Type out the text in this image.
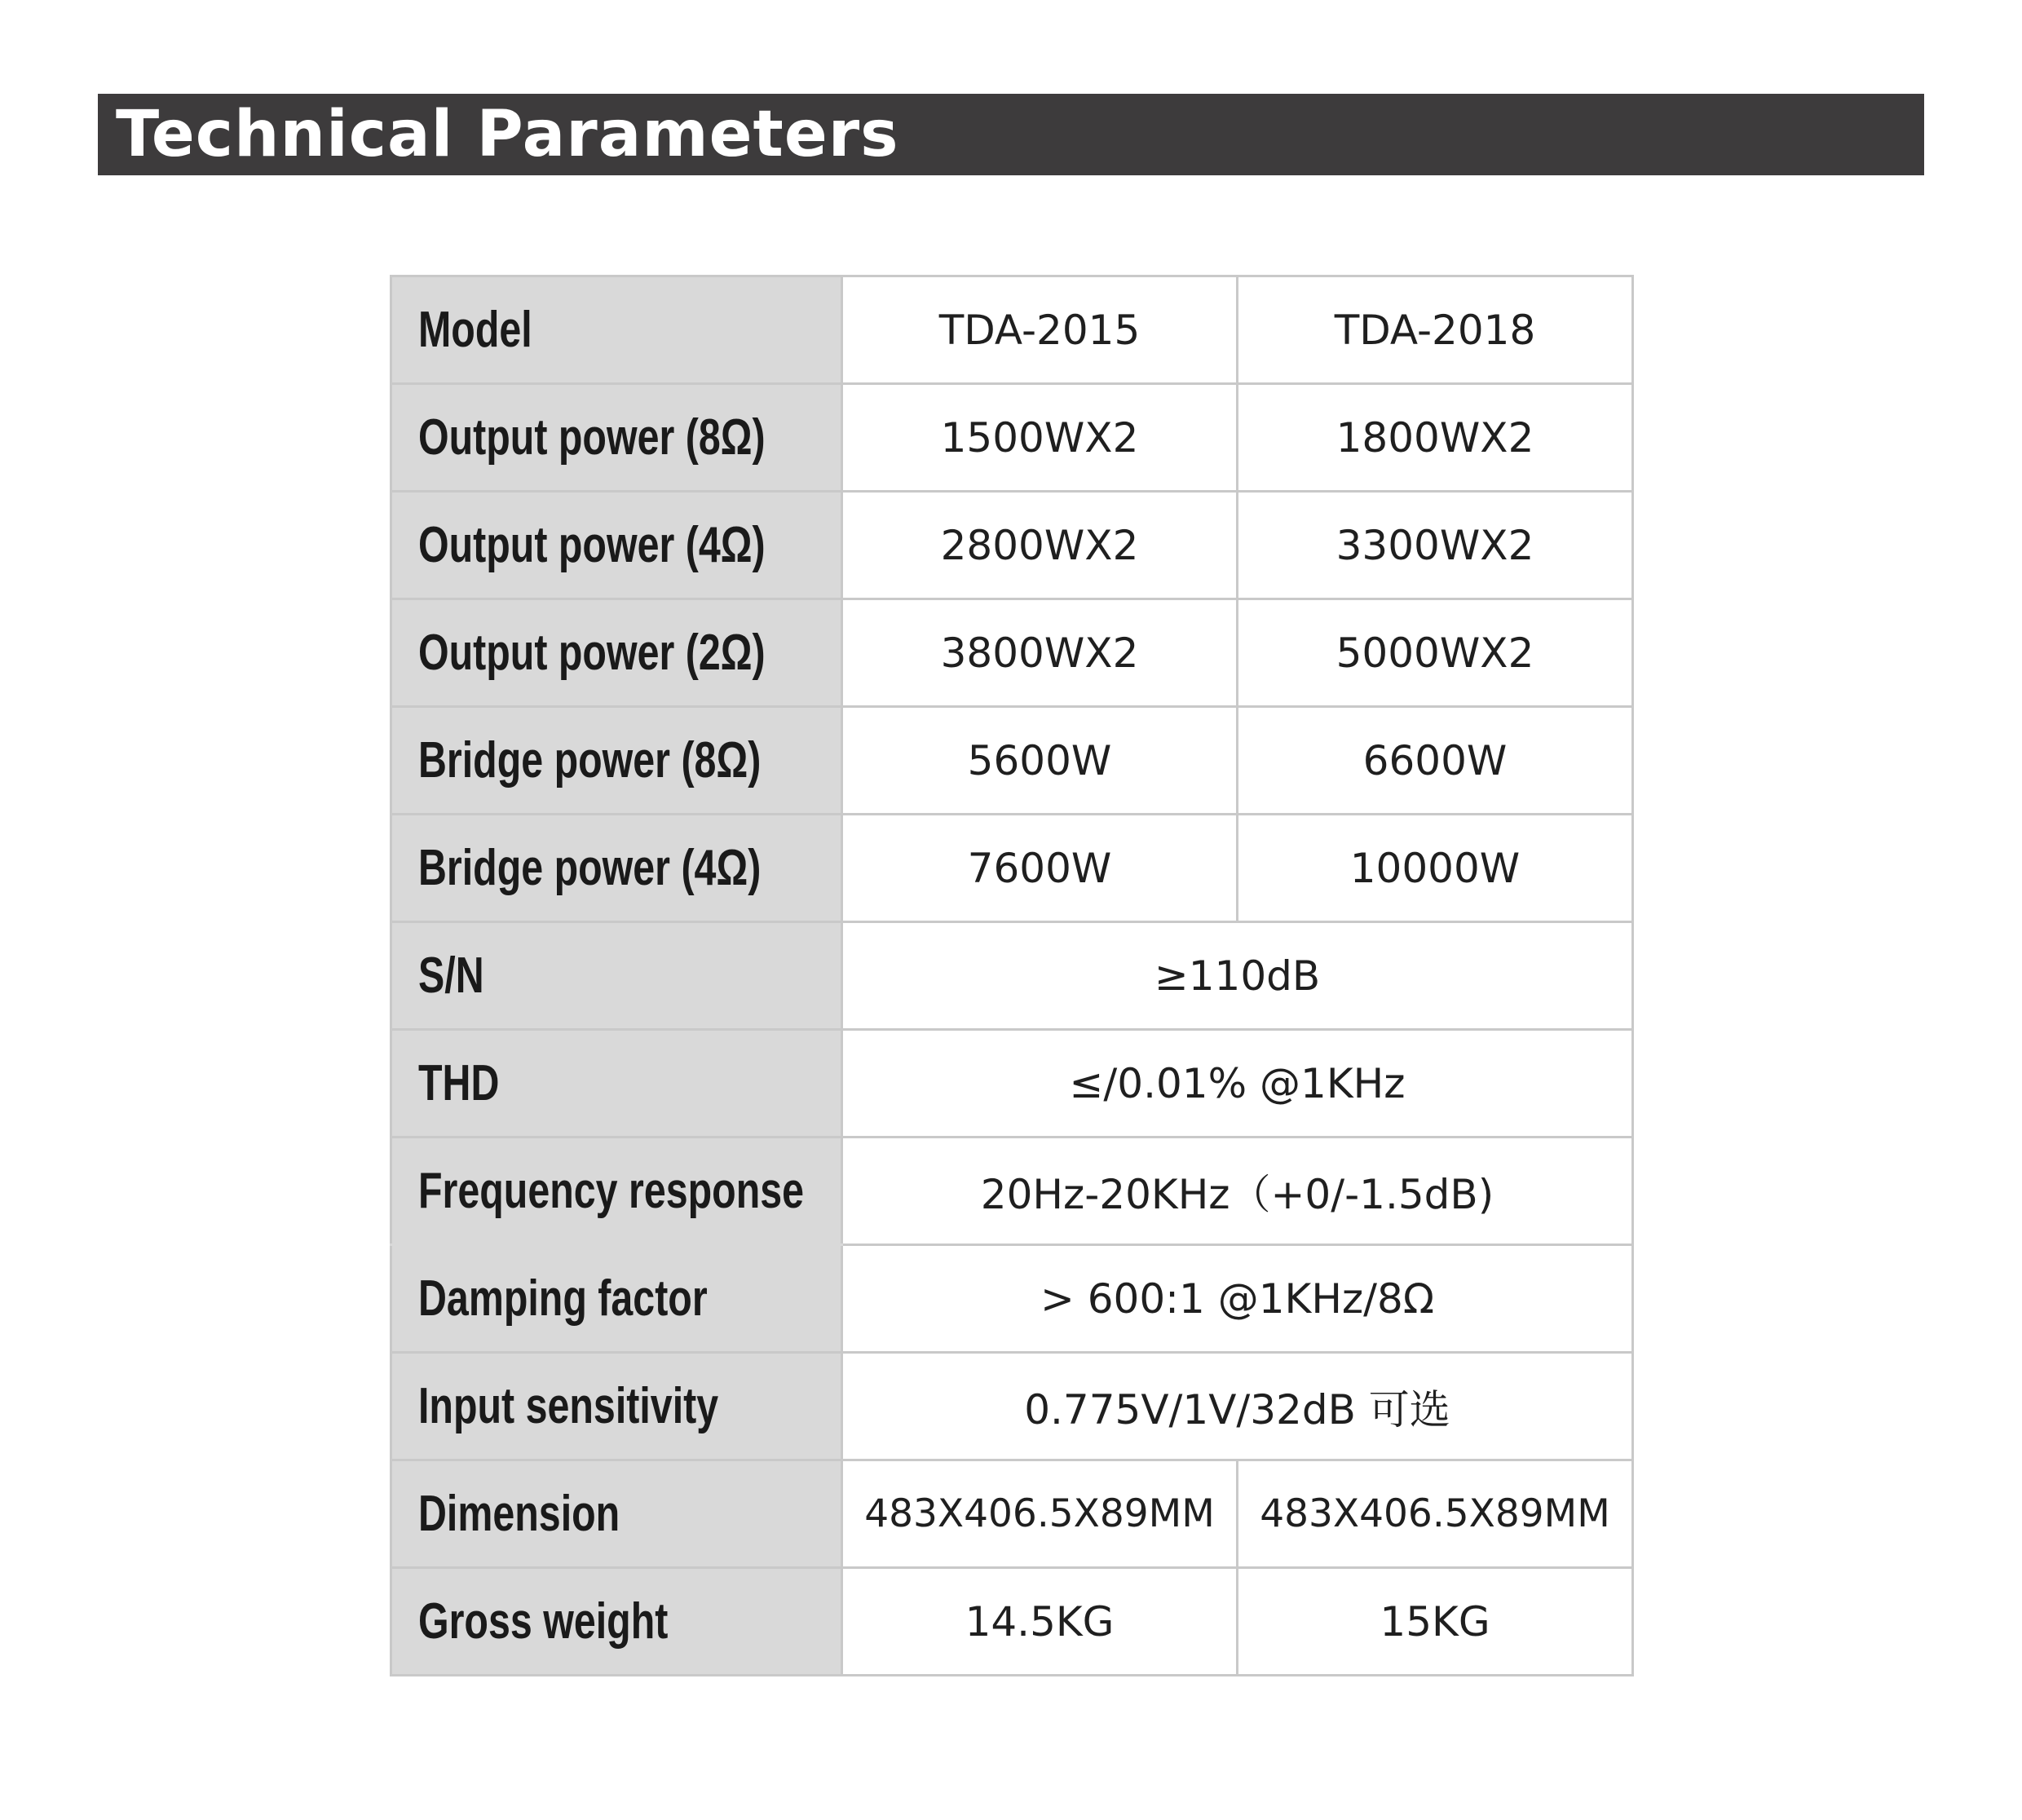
Technical Parameters
Model	TDA-2015	TDA-2018
Output power (8Ω)	1500WX2	1800WX2
Output power (4Ω)	2800WX2	3300WX2
Output power (2Ω)	3800WX2	5000WX2
Bridge power (8Ω)	5600W	6600W
Bridge power (4Ω)	7600W	10000W
S/N	≥110dB	
THD	≤/0.01% @1KHz	
Frequency response	20Hz-20KHz（+0/-1.5dB)	
Damping factor	> 600:1 @1KHz/8Ω	
Input sensitivity	0.775V/1V/32dB 可选	
Dimension	483X406.5X89MM	483X406.5X89MM
Gross weight	14.5KG	15KG
